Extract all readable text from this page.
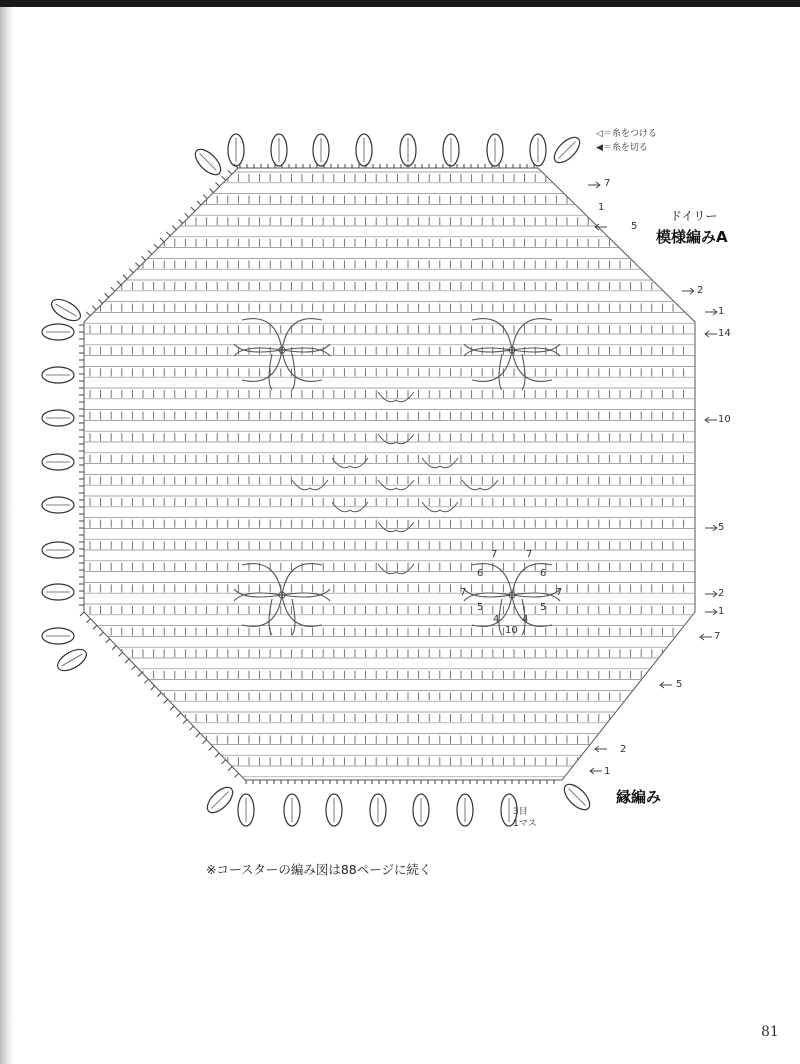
ドイリー
模様編みA
縁編み
◁＝糸をつける
◀＝糸を切る
7
1
5
2
1
14
10
5
2
1
7
5
2
1
7	7
6	6
7	7
5	5
4 4
10
3目
1マス
※コースターの編み図は88ページに続く
81
